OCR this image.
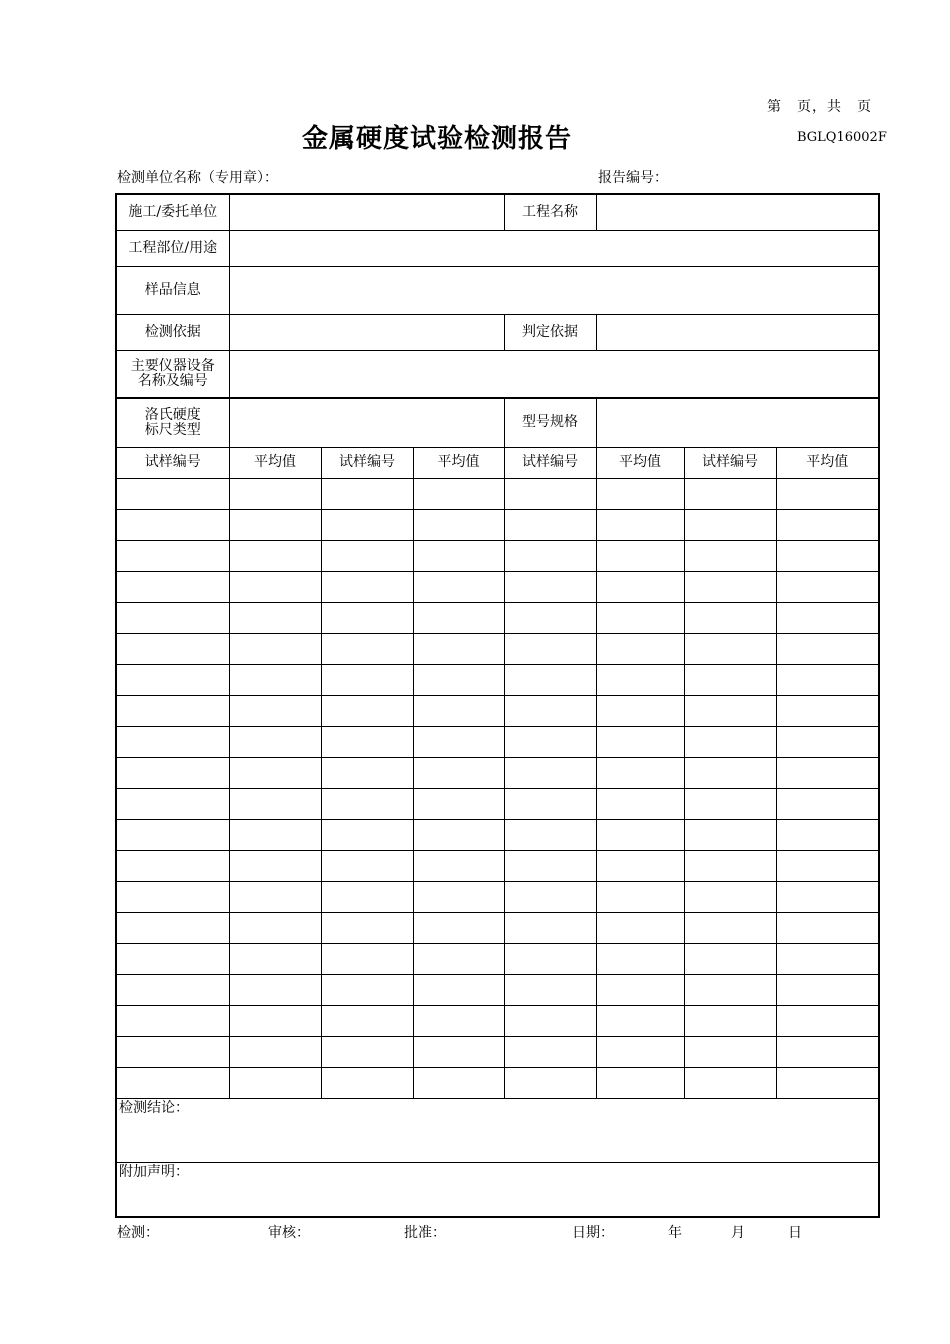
第　页，共　页
金属硬度试验检测报告	BGLQ16002F
检测单位名称（专用章）：	报告编号：
施工/委托单位				工程名称			
工程部位/用途							
样品信息							
检测依据				判定依据			

主要仪器设备
名称及编号							

洛氏硬度
标尺类型				型号规格			
试样编号	平均值	试样编号	平均值	试样编号	平均值	试样编号	平均值

检测结论：							
附加声明：							
检测：	审核：	批准：	日期：	年	月	日
